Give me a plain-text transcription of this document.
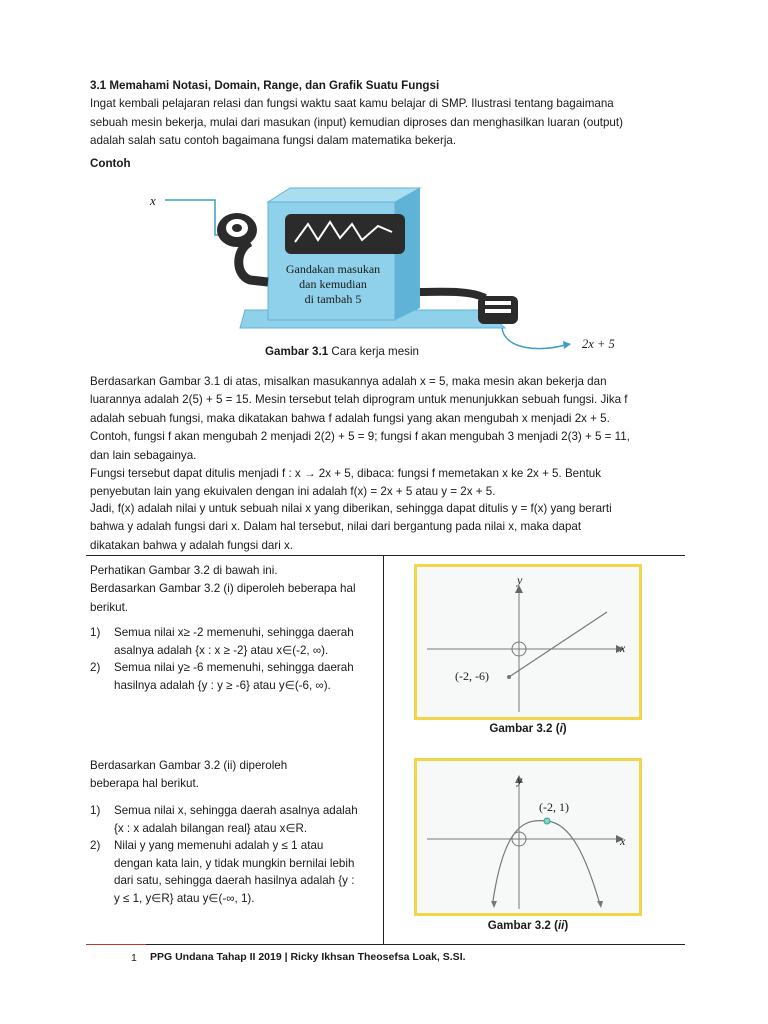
3.1 Memahami Notasi, Domain, Range, dan Grafik Suatu Fungsi

Ingat kembali pelajaran relasi dan fungsi waktu saat kamu belajar di SMP. Ilustrasi tentang bagaimana

sebuah mesin bekerja, mulai dari masukan (input) kemudian diproses dan menghasilkan luaran (output)

adalah salah satu contoh bagaimana fungsi dalam matematika bekerja.

Contoh

x
Gandakan masukan
dan kemudian
di tambah 5
2x + 5
Gambar 3.1 Cara kerja mesin

Berdasarkan Gambar 3.1 di atas, misalkan masukannya adalah x = 5, maka mesin akan bekerja dan

luarannya adalah 2(5) + 5 = 15. Mesin tersebut telah diprogram untuk menunjukkan sebuah fungsi. Jika f

adalah sebuah fungsi, maka dikatakan bahwa f adalah fungsi yang akan mengubah x menjadi 2x + 5.

Contoh, fungsi f akan mengubah 2 menjadi 2(2) + 5 = 9; fungsi f akan mengubah 3 menjadi 2(3) + 5 = 11,

dan lain sebagainya.

Fungsi tersebut dapat ditulis menjadi f : x → 2x + 5, dibaca: fungsi f memetakan x ke 2x + 5. Bentuk

penyebutan lain yang ekuivalen dengan ini adalah f(x) = 2x + 5 atau y = 2x + 5.

Jadi, f(x) adalah nilai y untuk sebuah nilai x yang diberikan, sehingga dapat ditulis y = f(x) yang berarti

bahwa y adalah fungsi dari x. Dalam hal tersebut, nilai dari bergantung pada nilai x, maka dapat

dikatakan bahwa y adalah fungsi dari x.

Perhatikan Gambar 3.2 di bawah ini.

Berdasarkan Gambar 3.2 (i) diperoleh beberapa hal

berikut.

1) Semua nilai x≥ -2 memenuhi, sehingga daerah
asalnya adalah {x : x ≥ -2} atau x∈(-2, ∞).
2) Semua nilai y≥ -6 memenuhi, sehingga daerah
hasilnya adalah {y : y ≥ -6} atau y∈(-6, ∞).

Berdasarkan Gambar 3.2 (ii) diperoleh

beberapa hal berikut.

1) Semua nilai x, sehingga daerah asalnya adalah
{x : x adalah bilangan real} atau x∈R.
2) Nilai y yang memenuhi adalah y ≤ 1 atau
dengan kata lain, y tidak mungkin bernilai lebih
dari satu, sehingga daerah hasilnya adalah {y :
y ≤ 1, y∈R} atau y∈(-∞, 1).
y
x
(-2, -6)
Gambar 3.2 (i)
y
x
(-2, 1)
Gambar 3.2 (ii)
1 PPG Undana Tahap II 2019 | Ricky Ikhsan Theosefsa Loak, S.SI.
